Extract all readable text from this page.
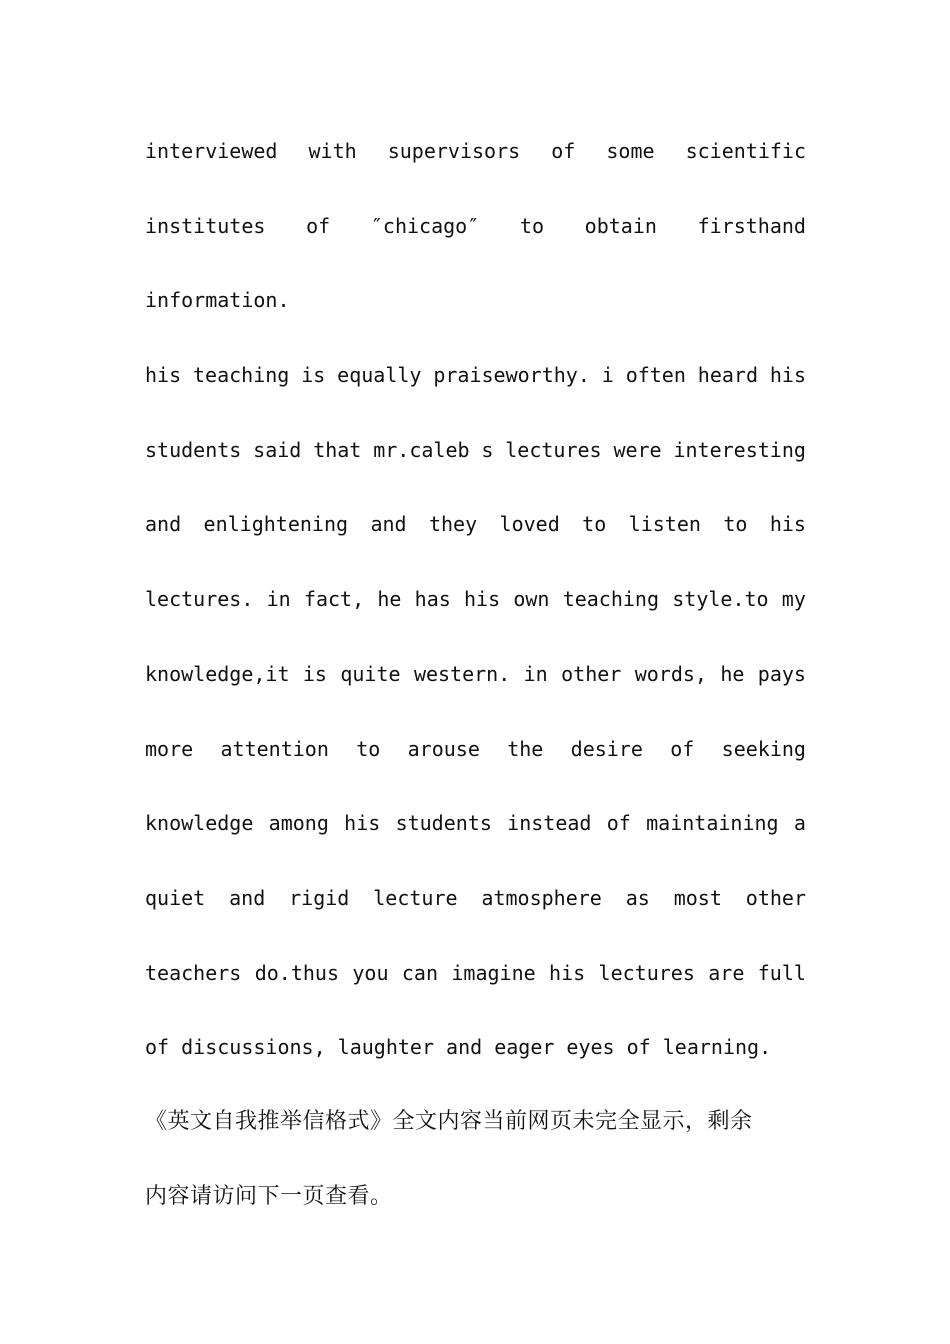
interviewed with supervisors of some scientific
institutes of ″chicago″ to obtain firsthand
information.
his teaching is equally praiseworthy. i often heard his
students said that mr.caleb s lectures were interesting
and enlightening and they loved to listen to his
lectures. in fact, he has his own teaching style.to my
knowledge,it is quite western. in other words, he pays
more attention to arouse the desire of seeking
knowledge among his students instead of maintaining a
quiet and rigid lecture atmosphere as most other
teachers do.thus you can imagine his lectures are full
of discussions, laughter and eager eyes of learning.
《英文自我推举信格式》全文内容当前网页未完全显示，剩余
内容请访问下一页查看。
